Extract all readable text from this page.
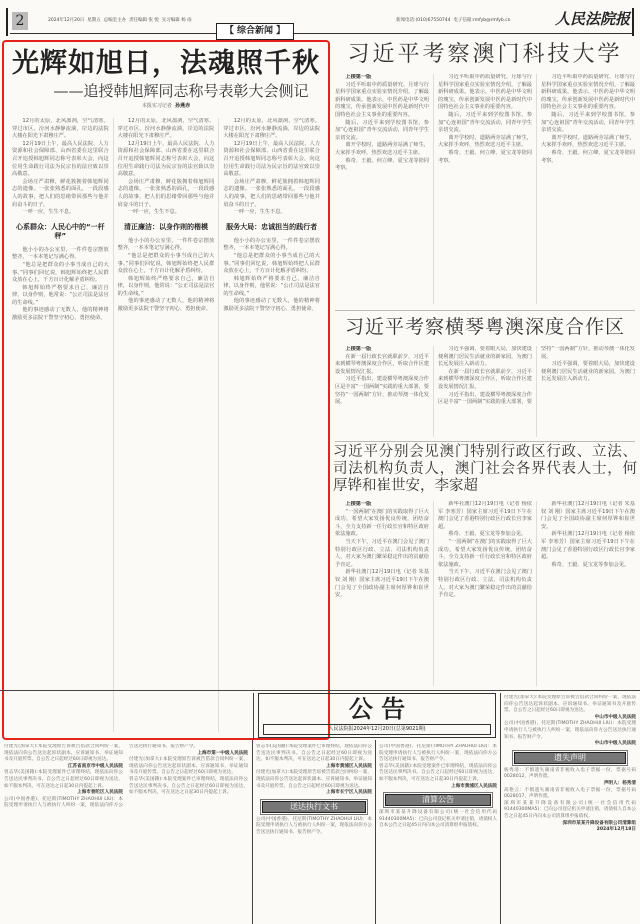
2	2024年12月20日 星期五 总编室主办 责任编辑 张 悦 实习编辑 杨 雨
【 综合新闻 】
新闻电话:(010)67550744 电子信箱:rmfyb@rmfyb.cn	人民法院报
光辉如旭日，法魂照千秋
——追授韩旭辉同志称号表彰大会侧记
本报实习记者 孙燕赤

12月的太原，北风凛冽，空气清寒。穿过市区，汾河水静静流淌，岸边的法院大楼在阳光下肃穆庄严。

12月19日上午，最高人民法院、人力资源和社会保障部、山西省委在这里联合召开追授韩旭辉同志称号表彰大会，向这位用生命践行司法为民宗旨的法官致以崇高敬意。

会场庄严肃穆，鲜花簇拥着韩旭辉同志的遗像。一张张熟悉的面孔，一段段感人的故事，把人们的思绪带回那些与他并肩奋斗的日子。

一呼一应，生生不息。

心系群众：人民心中的“一杆秤”

他小小的办公室里，一件件卷宗摆放整齐，一本本笔记写满心得。

“他总是把群众的小事当成自己的大事。”同事们回忆说，韩旭辉始终把人民群众放在心上，千方百计化解矛盾纠纷。

韩旭辉始终严格要求自己，廉洁自律，以身作则，他常说：“公正司法是法官的生命线。”

他的事迹感动了无数人，他的精神将激励更多法院干警坚守初心、勇担使命。

12月的太原，北风凛冽，空气清寒。穿过市区，汾河水静静流淌，岸边的法院大楼在阳光下肃穆庄严。

12月19日上午，最高人民法院、人力资源和社会保障部、山西省委在这里联合召开追授韩旭辉同志称号表彰大会，向这位用生命践行司法为民宗旨的法官致以崇高敬意。

会场庄严肃穆，鲜花簇拥着韩旭辉同志的遗像。一张张熟悉的面孔，一段段感人的故事，把人们的思绪带回那些与他并肩奋斗的日子。

一呼一应，生生不息。

清正廉洁：以身作则的楷模

他小小的办公室里，一件件卷宗摆放整齐，一本本笔记写满心得。

“他总是把群众的小事当成自己的大事。”同事们回忆说，韩旭辉始终把人民群众放在心上，千方百计化解矛盾纠纷。

韩旭辉始终严格要求自己，廉洁自律，以身作则，他常说：“公正司法是法官的生命线。”

他的事迹感动了无数人，他的精神将激励更多法院干警坚守初心、勇担使命。

12月的太原，北风凛冽，空气清寒。穿过市区，汾河水静静流淌，岸边的法院大楼在阳光下肃穆庄严。

12月19日上午，最高人民法院、人力资源和社会保障部、山西省委在这里联合召开追授韩旭辉同志称号表彰大会，向这位用生命践行司法为民宗旨的法官致以崇高敬意。

会场庄严肃穆，鲜花簇拥着韩旭辉同志的遗像。一张张熟悉的面孔，一段段感人的故事，把人们的思绪带回那些与他并肩奋斗的日子。

一呼一应，生生不息。

服务大局：忠诚担当的践行者

他小小的办公室里，一件件卷宗摆放整齐，一本本笔记写满心得。

“他总是把群众的小事当成自己的大事。”同事们回忆说，韩旭辉始终把人民群众放在心上，千方百计化解矛盾纠纷。

韩旭辉始终严格要求自己，廉洁自律，以身作则，他常说：“公正司法是法官的生命线。”

他的事迹感动了无数人，他的精神将激励更多法院干警坚守初心、勇担使命。

习近平考察澳门科技大学

上接第一版

习近平听取中药质量研究、月球与行星科学国家重点实验室情况介绍，了解最新科研成果。他表示，中医药是中华文明的瑰宝，传承创新发展中医药是新时代中国特色社会主义事业的重要内容。

随后，习近平来到学校图书馆，参加“心连祖国”青年交流活动，同青年学生亲切交流。

离开学校时，道路两旁站满了师生，大家挥手欢呼，热烈欢送习近平主席。

蔡奇、王毅、何立峰、夏宝龙等陪同考察。

习近平听取中药质量研究、月球与行星科学国家重点实验室情况介绍，了解最新科研成果。他表示，中医药是中华文明的瑰宝，传承创新发展中医药是新时代中国特色社会主义事业的重要内容。

随后，习近平来到学校图书馆，参加“心连祖国”青年交流活动，同青年学生亲切交流。

离开学校时，道路两旁站满了师生，大家挥手欢呼，热烈欢送习近平主席。

蔡奇、王毅、何立峰、夏宝龙等陪同考察。

习近平听取中药质量研究、月球与行星科学国家重点实验室情况介绍，了解最新科研成果。他表示，中医药是中华文明的瑰宝，传承创新发展中医药是新时代中国特色社会主义事业的重要内容。

随后，习近平来到学校图书馆，参加“心连祖国”青年交流活动，同青年学生亲切交流。

离开学校时，道路两旁站满了师生，大家挥手欢呼，热烈欢送习近平主席。

蔡奇、王毅、何立峰、夏宝龙等陪同考察。

习近平考察横琴粤澳深度合作区

上接第一版

在新一届行政长官就职前夕，习近平来到横琴粤澳深度合作区，听取合作区建设发展情况汇报。

习近平指出，建设横琴粤澳深度合作区是丰富“一国两制”实践的重大部署，要坚持“一国两制”方针，推动琴澳一体化发展。

习近平强调，要着眼大局，加快建设便利澳门居民生活就业的新家园，为澳门长远发展注入新动力。

在新一届行政长官就职前夕，习近平来到横琴粤澳深度合作区，听取合作区建设发展情况汇报。

习近平指出，建设横琴粤澳深度合作区是丰富“一国两制”实践的重大部署，要坚持“一国两制”方针，推动琴澳一体化发展。

习近平强调，要着眼大局，加快建设便利澳门居民生活就业的新家园，为澳门长远发展注入新动力。

习近平分别会见澳门特别行政区行政、立法、司法机构负责人，澳门社会各界代表人士，何厚铧和崔世安，李家超

上接第一版

“一国两制”在澳门的实践取得了巨大成功。希望大家发扬优良传统，团结奋斗，全力支持新一任行政长官和特区政府依法施政。

当天下午，习近平在澳门会见了澳门特别行政区行政、立法、司法机构负责人，对大家为澳门繁荣稳定作出的贡献给予肯定。

新华社澳门12月19日电（记者 朱基钗 刘 刚）国家主席习近平19日下午在澳门会见了全国政协副主席何厚铧和崔世安。

新华社澳门12月19日电（记者 杨依军 李寒芳）国家主席习近平19日下午在澳门会见了香港特别行政区行政长官李家超。

蔡奇、王毅、夏宝龙等参加会见。

“一国两制”在澳门的实践取得了巨大成功。希望大家发扬优良传统，团结奋斗，全力支持新一任行政长官和特区政府依法施政。

当天下午，习近平在澳门会见了澳门特别行政区行政、立法、司法机构负责人，对大家为澳门繁荣稳定作出的贡献给予肯定。

新华社澳门12月19日电（记者 朱基钗 刘 刚）国家主席习近平19日下午在澳门会见了全国政协副主席何厚铧和崔世安。

新华社澳门12月19日电（记者 杨依军 李寒芳）国家主席习近平19日下午在澳门会见了香港特别行政区行政长官李家超。

蔡奇、王毅、夏宝龙等参加会见。

公 告
人民法院报2024年12月20日(总第9021期)

付建光(加拿大):本院受理原告诉被告借款合同纠纷一案，现依法向你公告送达起诉状副本、应诉通知书、举证通知书及开庭传票。自公告之日起经过60日即视为送达。

江苏省南京市中级人民法院

曾志华(美国籍):本院受理案件已审理终结，现依法向你公告送达民事判决书。自公告之日起经过60日即视为送达，如不服本判决，可在送达之日起30日内提起上诉。

上海市普陀区人民法院

公司(中国香港)、托尼斯(TIMOTHY ZHAOHUI LIU)：本院受理申请执行人与被执行人纠纷一案，现依法向你方公告送达执行通知书、报告财产令。

上海市第一中级人民法院

付建光(加拿大):本院受理原告诉被告借款合同纠纷一案，现依法向你公告送达起诉状副本、应诉通知书、举证通知书及开庭传票。自公告之日起经过60日即视为送达。

曾志华(美国籍):本院受理案件已审理终结，现依法向你公告送达民事判决书。自公告之日起经过60日即视为送达，如不服本判决，可在送达之日起30日内提起上诉。

曾志华(美国籍):本院受理案件已审理终结，现依法向你公告送达民事判决书。自公告之日起经过60日即视为送达，如不服本判决，可在送达之日起30日内提起上诉。

上海市黄浦区人民法院

付建光(加拿大):本院受理原告诉被告借款合同纠纷一案，现依法向你公告送达起诉状副本、应诉通知书、举证通知书及开庭传票。自公告之日起经过60日即视为送达。

上海市长宁区人民法院

送达执行文书

公司(中国香港)、托尼斯(TIMOTHY ZHAOHUI LIU)：本院受理申请执行人与被执行人纠纷一案，现依法向你方公告送达执行通知书、报告财产令。

公司(中国香港)、托尼斯(TIMOTHY ZHAOHUI LIU)：本院受理申请执行人与被执行人纠纷一案，现依法向你方公告送达执行通知书、报告财产令。

曾志华(美国籍):本院受理案件已审理终结，现依法向你公告送达民事判决书。自公告之日起经过60日即视为送达，如不服本判决，可在送达之日起30日内提起上诉。

上海市黄浦区人民法院

清算公告

深圳市某某升降设备有限公司(统一社会信用代码91440300MA5)：已向公司登记机关申请注销，请债权人自本公告之日起45日内向本公司清算组申报债权。

付建光(加拿大):本院受理原告诉被告借款合同纠纷一案，现依法向你公告送达起诉状副本、应诉通知书、举证通知书及开庭传票。自公告之日起经过60日即视为送达。

中山市中级人民法院

公司(中国香港)、托尼斯(TIMOTHY ZHAOHUI LIU)：本院受理申请执行人与被执行人纠纷一案，现依法向你方公告送达执行通知书、报告财产令。

中山市中级人民法院

遗失声明

杨秀清：不慎遗失湖南省非税收入电子票据一份，票据号码0028012，声明作废。

声明人：杨秀清

高艳云：不慎遗失湖南省非税收入电子票据一份，票据号码0028017，声明作废。

深圳市某某升降设备有限公司(统一社会信用代码91440300MA5)：已向公司登记机关申请注销，请债权人自本公告之日起45日内向本公司清算组申报债权。

深圳市某某升降设备有限公司清算组

2024年12月18日
